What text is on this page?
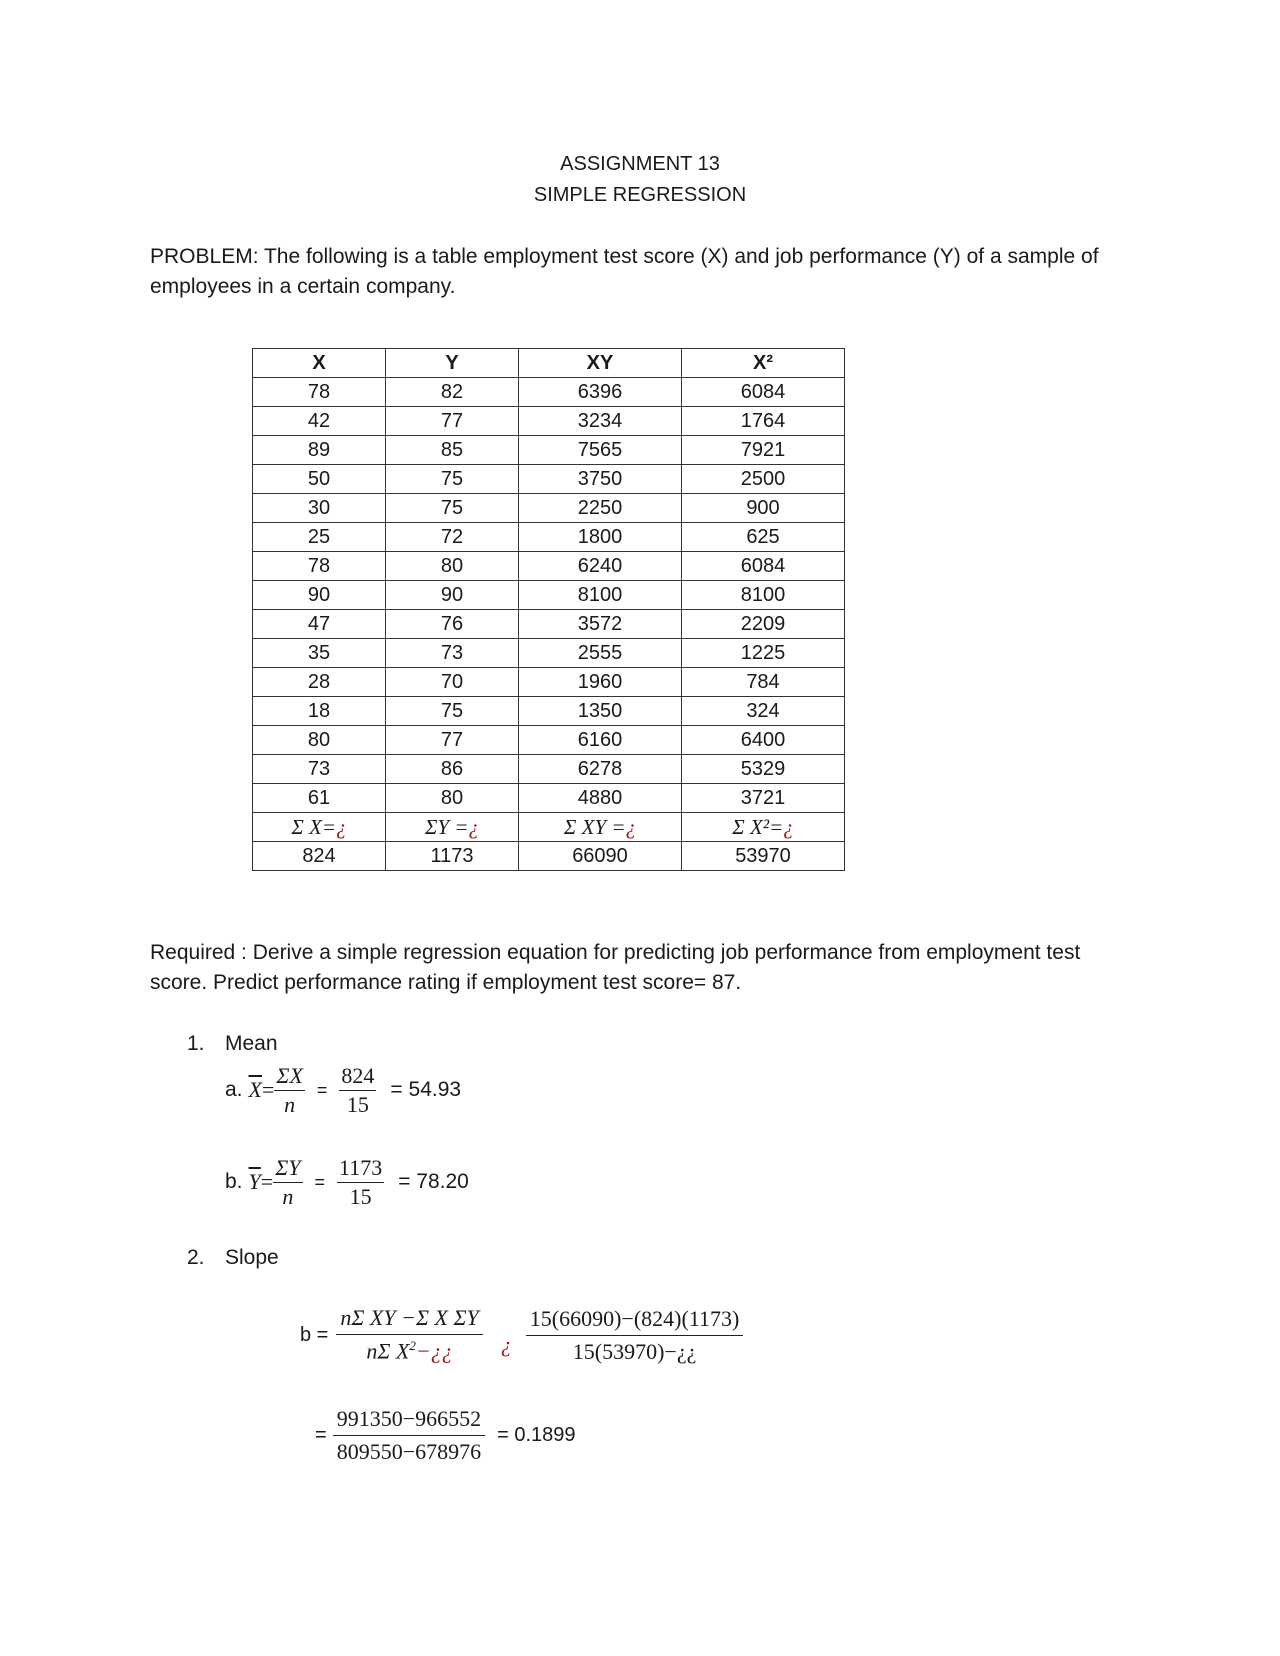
ASSIGNMENT 13
SIMPLE REGRESSION
PROBLEM: The following is a table employment test score (X) and job performance (Y) of a sample of employees in a certain company.
X	Y	XY	X²
78	82	6396	6084
42	77	3234	1764
89	85	7565	7921
50	75	3750	2500
30	75	2250	900
25	72	1800	625
78	80	6240	6084
90	90	8100	8100
47	76	3572	2209
35	73	2555	1225
28	70	1960	784
18	75	1350	324
80	77	6160	6400
73	86	6278	5329
61	80	4880	3721
Σ X=¿	ΣY =¿	Σ XY =¿	Σ X²=¿
824	1173	66090	53970
Required : Derive a simple regression equation for predicting job performance from employment test score. Predict performance rating if employment test score= 87.
1. Mean
a. $\overline{X} = \frac{\Sigma X}{n} = \frac{824}{15} = 54.93$
b. $\overline{Y} = \frac{\Sigma Y}{n} = \frac{1173}{15} = 78.20$
2. Slope
$b = \frac{\text{nΣ XY −Σ X ΣY}}{n\Sigma X^2-¿¿}$ ¿ $\frac{15(66090)-(824)(1173)}{15(53970)-¿¿}$
= $\frac{991350-966552}{809550-678976} = 0.1899$
